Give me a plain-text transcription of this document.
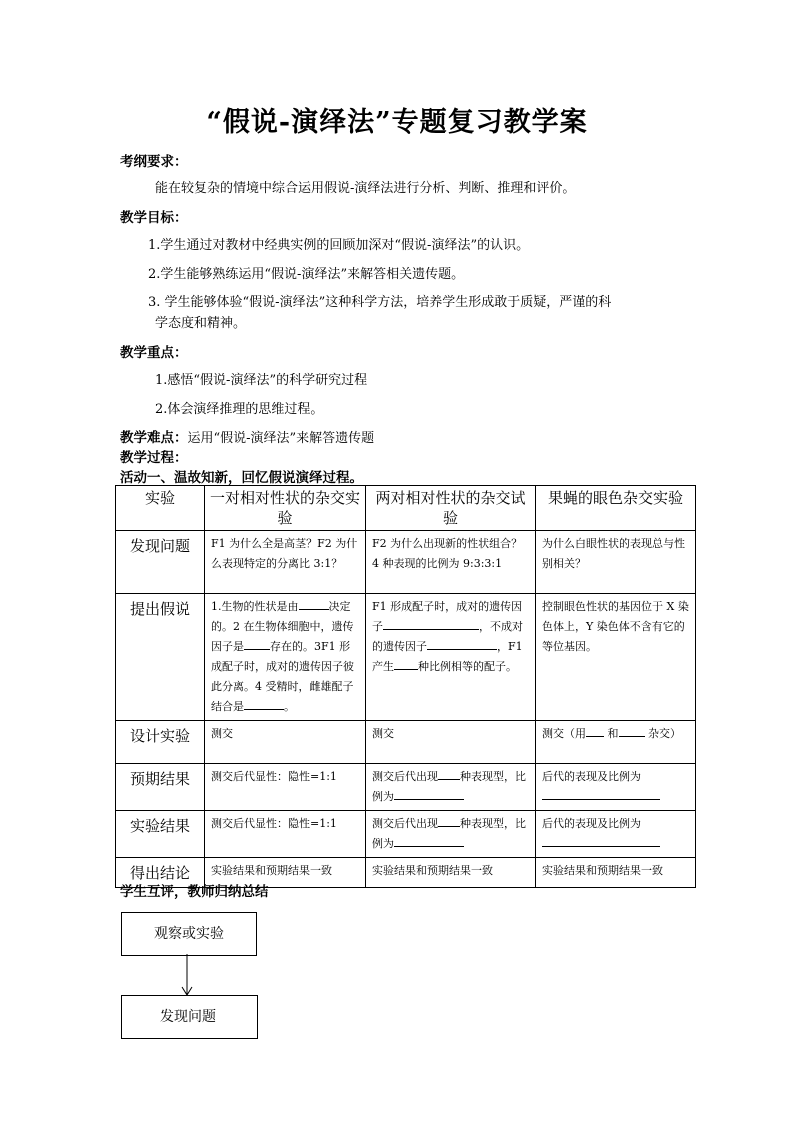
“假说-演绎法”专题复习教学案
考纲要求：
能在较复杂的情境中综合运用假说-演绎法进行分析、判断、推理和评价。
教学目标：
1.学生通过对教材中经典实例的回顾加深对“假说-演绎法”的认识。
2.学生能够熟练运用“假说-演绎法”来解答相关遗传题。
3. 学生能够体验“假说-演绎法”这种科学方法，培养学生形成敢于质疑，严谨的科
学态度和精神。
教学重点：
1.感悟“假说-演绎法”的科学研究过程
2.体会演绎推理的思维过程。
教学难点：运用“假说-演绎法”来解答遗传题
教学过程：
活动一、温故知新，回忆假说演绎过程。
实验	一对相对性状的杂交实验	两对相对性状的杂交试验	果蝇的眼色杂交实验
发现问题	F1 为什么全是高茎？F2 为什么表现特定的分离比 3:1？	F2 为什么出现新的性状组合？4 种表现的比例为 9:3:3:1	为什么白眼性状的表现总与性别相关？
提出假说	1.生物的性状是由 决定的。2 在生物体细胞中，遗传因子是 存在的。3F1 形成配子时，成对的遗传因子彼此分离。4 受精时，雌雄配子结合是 。	F1 形成配子时，成对的遗传因子 ，不成对的遗传因子 ，F1 产生 种比例相等的配子。	控制眼色性状的基因位于 X 染色体上，Y 染色体不含有它的等位基因。
设计实验	测交	测交	测交（用 和 杂交）
预期结果	测交后代显性：隐性=1:1	测交后代出现 种表现型，比例为	后代的表现及比例为

实验结果	测交后代显性：隐性=1:1	测交后代出现 种表现型，比例为	后代的表现及比例为

得出结论	实验结果和预期结果一致	实验结果和预期结果一致	实验结果和预期结果一致
学生互评，教师归纳总结
观察或实验
发现问题
